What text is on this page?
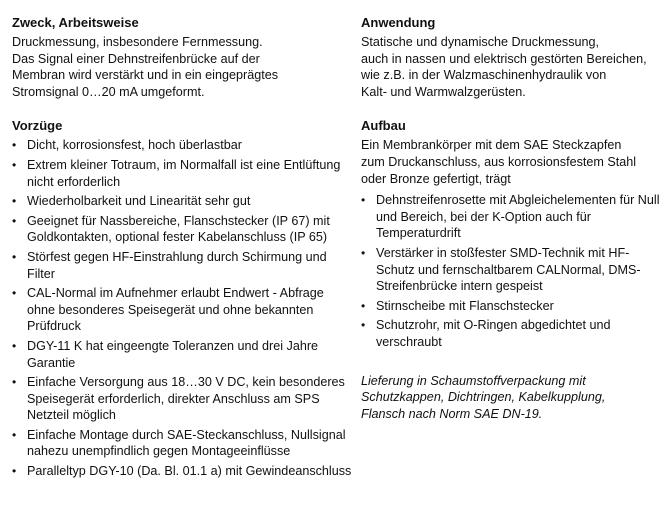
Zweck, Arbeitsweise
Druckmessung, insbesondere Fernmessung.
Das Signal einer Dehnstreifenbrücke auf der
Membran wird verstärkt und in ein eingeprägtes
Stromsignal 0…20 mA umgeformt.
Vorzüge
• Dicht, korrosionsfest, hoch überlastbar
• Extrem kleiner Totraum, im Normalfall ist eine Entlüftung nicht erforderlich
• Wiederholbarkeit und Linearität sehr gut
• Geeignet für Nassbereiche, Flanschstecker (IP 67) mit Goldkontakten, optional fester Kabelanschluss (IP 65)
• Störfest gegen HF-Einstrahlung durch Schirmung und Filter
• CAL-Normal im Aufnehmer erlaubt Endwert - Abfrage ohne besonderes Speisegerät und ohne bekannten Prüfdruck
• DGY-11 K hat eingeengte Toleranzen und drei Jahre Garantie
• Einfache Versorgung aus 18…30 V DC, kein besonderes Speisegerät erforderlich, direkter Anschluss am SPS Netzteil möglich
• Einfache Montage durch SAE-Steckanschluss, Nullsignal nahezu unempfindlich gegen Montageeinflüsse
• Paralleltyp DGY-10 (Da. Bl. 01.1 a) mit Gewindeanschluss
Anwendung
Statische und dynamische Druckmessung,
auch in nassen und elektrisch gestörten Bereichen,
wie z.B. in der Walzmaschinenhydraulik von
Kalt- und Warmwalzgerüsten.
Aufbau
Ein Membrankörper mit dem SAE Steckzapfen
zum Druckanschluss, aus korrosionsfestem Stahl
oder Bronze gefertigt, trägt
• Dehnstreifenrosette mit Abgleichelementen für Null und Bereich, bei der K-Option auch für Temperaturdrift
• Verstärker in stoßfester SMD-Technik mit HF-Schutz und fernschaltbarem CALNormal, DMS-Streifenbrücke intern gespeist
• Stirnscheibe mit Flanschstecker
• Schutzrohr, mit O-Ringen abgedichtet und verschraubt
Lieferung in Schaumstoffverpackung mit
Schutzkappen, Dichtringen, Kabelkupplung,
Flansch nach Norm SAE DN-19.
